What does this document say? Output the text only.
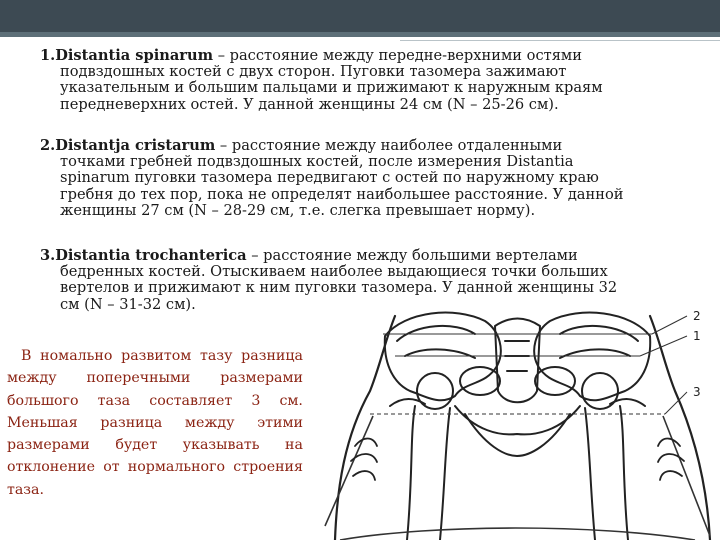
1.Distantia spinarum – расстояние между передне-верхними остями
подвздошных костей с двух сторон. Пуговки тазомера зажимают
указательным и большим пальцами и прижимают к наружным краям
передневерхних остей. У данной женщины 24 см (N – 25-26 см).
2.Distantja cristarum – расстояние между наиболее отдаленными
точками гребней подвздошных костей, после измерения Distantia
spinarum пуговки тазомера передвигают с остей по наружному краю
гребня до тех пор, пока не определят наибольшее расстояние. У данной
женщины 27 см (N – 28-29 см, т.е. слегка превышает норму).
3.Distantia trochanterica – расстояние между большими вертелами
бедренных костей. Отыскиваем наиболее выдающиеся точки больших
вертелов и прижимают к ним пуговки тазомера. У данной женщины 32
см (N – 31-32 см).
В номально развитом тазу разница
между поперечными размерами
большого таза составляет 3 см.
Меньшая разница между этими
размерами будет указывать на
отклонение от нормального строения
таза.
2
1
3
